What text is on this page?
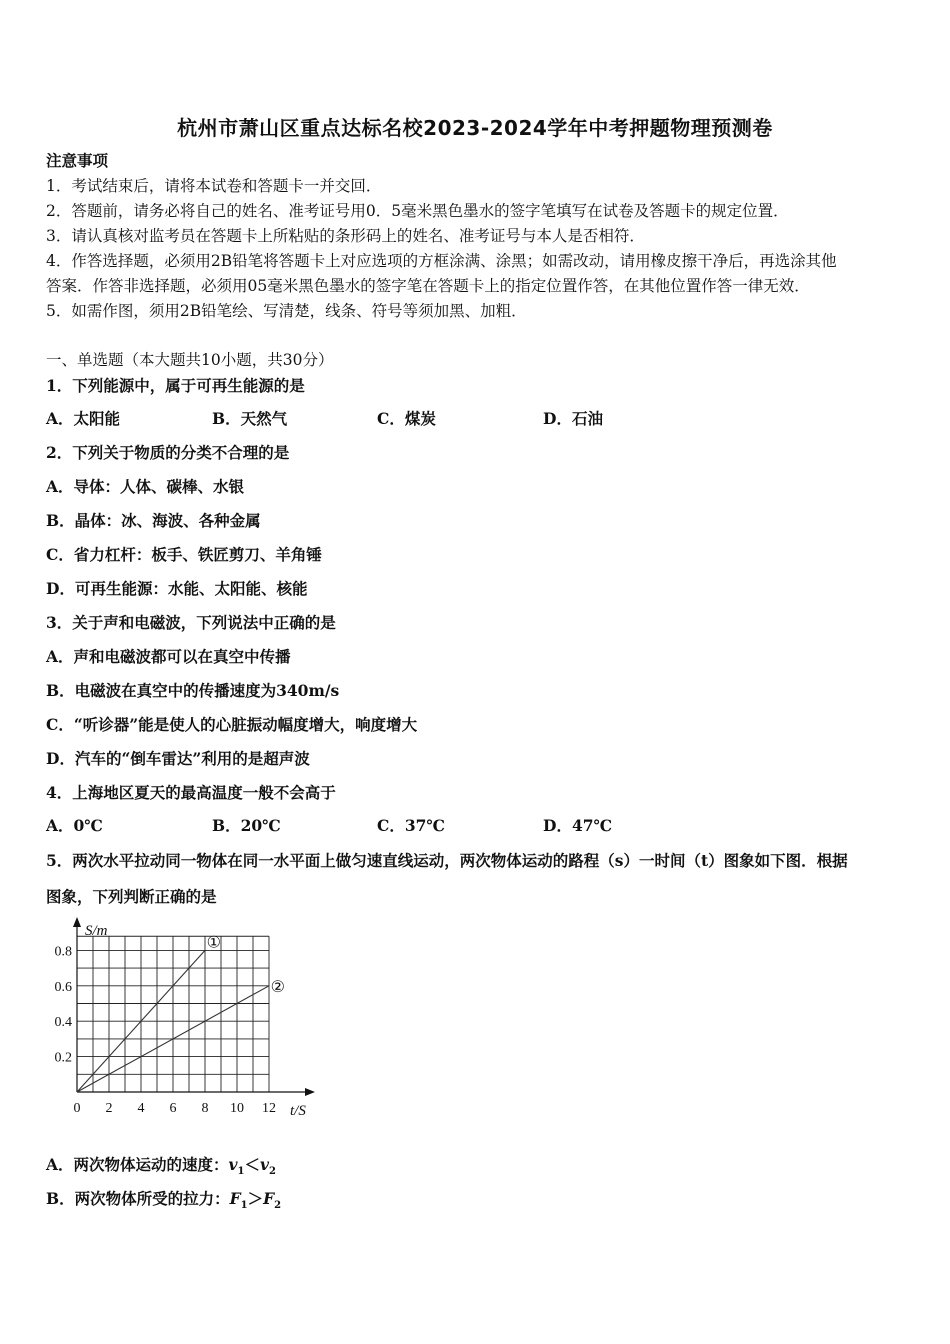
杭州市萧山区重点达标名校2023-2024学年中考押题物理预测卷
注意事项
1．考试结束后，请将本试卷和答题卡一并交回．
2．答题前，请务必将自己的姓名、准考证号用0．5毫米黑色墨水的签字笔填写在试卷及答题卡的规定位置．
3．请认真核对监考员在答题卡上所粘贴的条形码上的姓名、准考证号与本人是否相符．
4．作答选择题，必须用2B铅笔将答题卡上对应选项的方框涂满、涂黑；如需改动，请用橡皮擦干净后，再选涂其他
答案．作答非选择题，必须用05毫米黑色墨水的签字笔在答题卡上的指定位置作答，在其他位置作答一律无效．
5．如需作图，须用2B铅笔绘、写清楚，线条、符号等须加黑、加粗．
一、单选题（本大题共10小题，共30分）
1．下列能源中，属于可再生能源的是
A．太阳能	B．天然气	C．煤炭	D．石油
2．下列关于物质的分类不合理的是
A．导体：人体、碳棒、水银
B．晶体：冰、海波、各种金属
C．省力杠杆：板手、铁匠剪刀、羊角锤
D．可再生能源：水能、太阳能、核能
3．关于声和电磁波，下列说法中正确的是
A．声和电磁波都可以在真空中传播
B．电磁波在真空中的传播速度为340m/s
C．“听诊器”能是使人的心脏振动幅度增大，响度增大
D．汽车的“倒车雷达”利用的是超声波
4．上海地区夏天的最高温度一般不会高于
A．0℃	B．20℃	C．37℃	D．47℃
5．两次水平拉动同一物体在同一水平面上做匀速直线运动，两次物体运动的路程（s）一时间（t）图象如下图．根据
图象，下列判断正确的是
0 2 4 6 8 10 12
0.2
0.4
0.6
0.8
S/m
t/S
①
②
A．两次物体运动的速度：$v_1<v_2$
B．两次物体所受的拉力：$F_1>F_2$
